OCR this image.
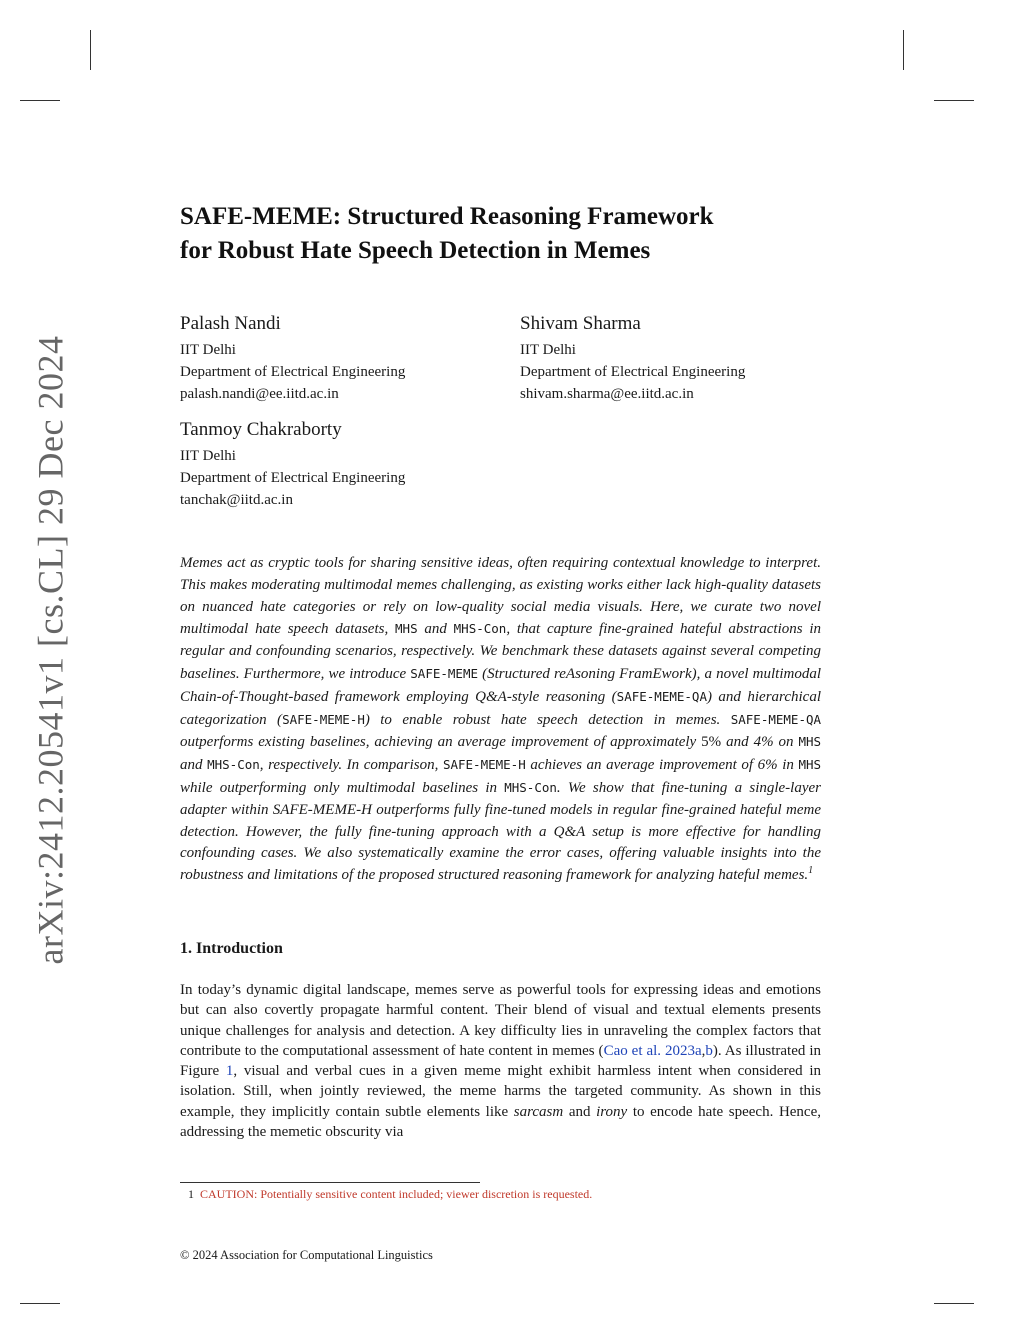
arXiv:2412.20541v1 [cs.CL] 29 Dec 2024
SAFE-MEME: Structured Reasoning Framework
for Robust Hate Speech Detection in Memes
Palash Nandi
IIT Delhi
Department of Electrical Engineering
palash.nandi@ee.iitd.ac.in
Shivam Sharma
IIT Delhi
Department of Electrical Engineering
shivam.sharma@ee.iitd.ac.in
Tanmoy Chakraborty
IIT Delhi
Department of Electrical Engineering
tanchak@iitd.ac.in
Memes act as cryptic tools for sharing sensitive ideas, often requiring contextual knowledge to interpret. This makes moderating multimodal memes challenging, as existing works either lack high-quality datasets on nuanced hate categories or rely on low-quality social media visuals. Here, we curate two novel multimodal hate speech datasets, MHS and MHS-Con, that capture fine-grained hateful abstractions in regular and confounding scenarios, respectively. We benchmark these datasets against several competing baselines. Furthermore, we introduce SAFE-MEME (Structured reAsoning FramEwork), a novel multimodal Chain-of-Thought-based framework employing Q&A-style reasoning (SAFE-MEME-QA) and hierarchical categorization (SAFE-MEME-H) to enable robust hate speech detection in memes. SAFE-MEME-QA outperforms existing baselines, achieving an average improvement of approximately 5% and 4% on MHS and MHS-Con, respectively. In comparison, SAFE-MEME-H achieves an average improvement of 6% in MHS while outperforming only multimodal baselines in MHS-Con. We show that fine-tuning a single-layer adapter within SAFE-MEME-H outperforms fully fine-tuned models in regular fine-grained hateful meme detection. However, the fully fine-tuning approach with a Q&A setup is more effective for handling confounding cases. We also systematically examine the error cases, offering valuable insights into the robustness and limitations of the proposed structured reasoning framework for analyzing hateful memes.$^1$
1. Introduction
In today’s dynamic digital landscape, memes serve as powerful tools for expressing ideas and emotions but can also covertly propagate harmful content. Their blend of visual and textual elements presents unique challenges for analysis and detection. A key difficulty lies in unraveling the complex factors that contribute to the computational assessment of hate content in memes (Cao et al. 2023a,b). As illustrated in Figure 1, visual and verbal cues in a given meme might exhibit harmless intent when considered in isolation. Still, when jointly reviewed, the meme harms the targeted community. As shown in this example, they implicitly contain subtle elements like sarcasm and irony to encode hate speech. Hence, addressing the memetic obscurity via
1 CAUTION: Potentially sensitive content included; viewer discretion is requested.
© 2024 Association for Computational Linguistics
